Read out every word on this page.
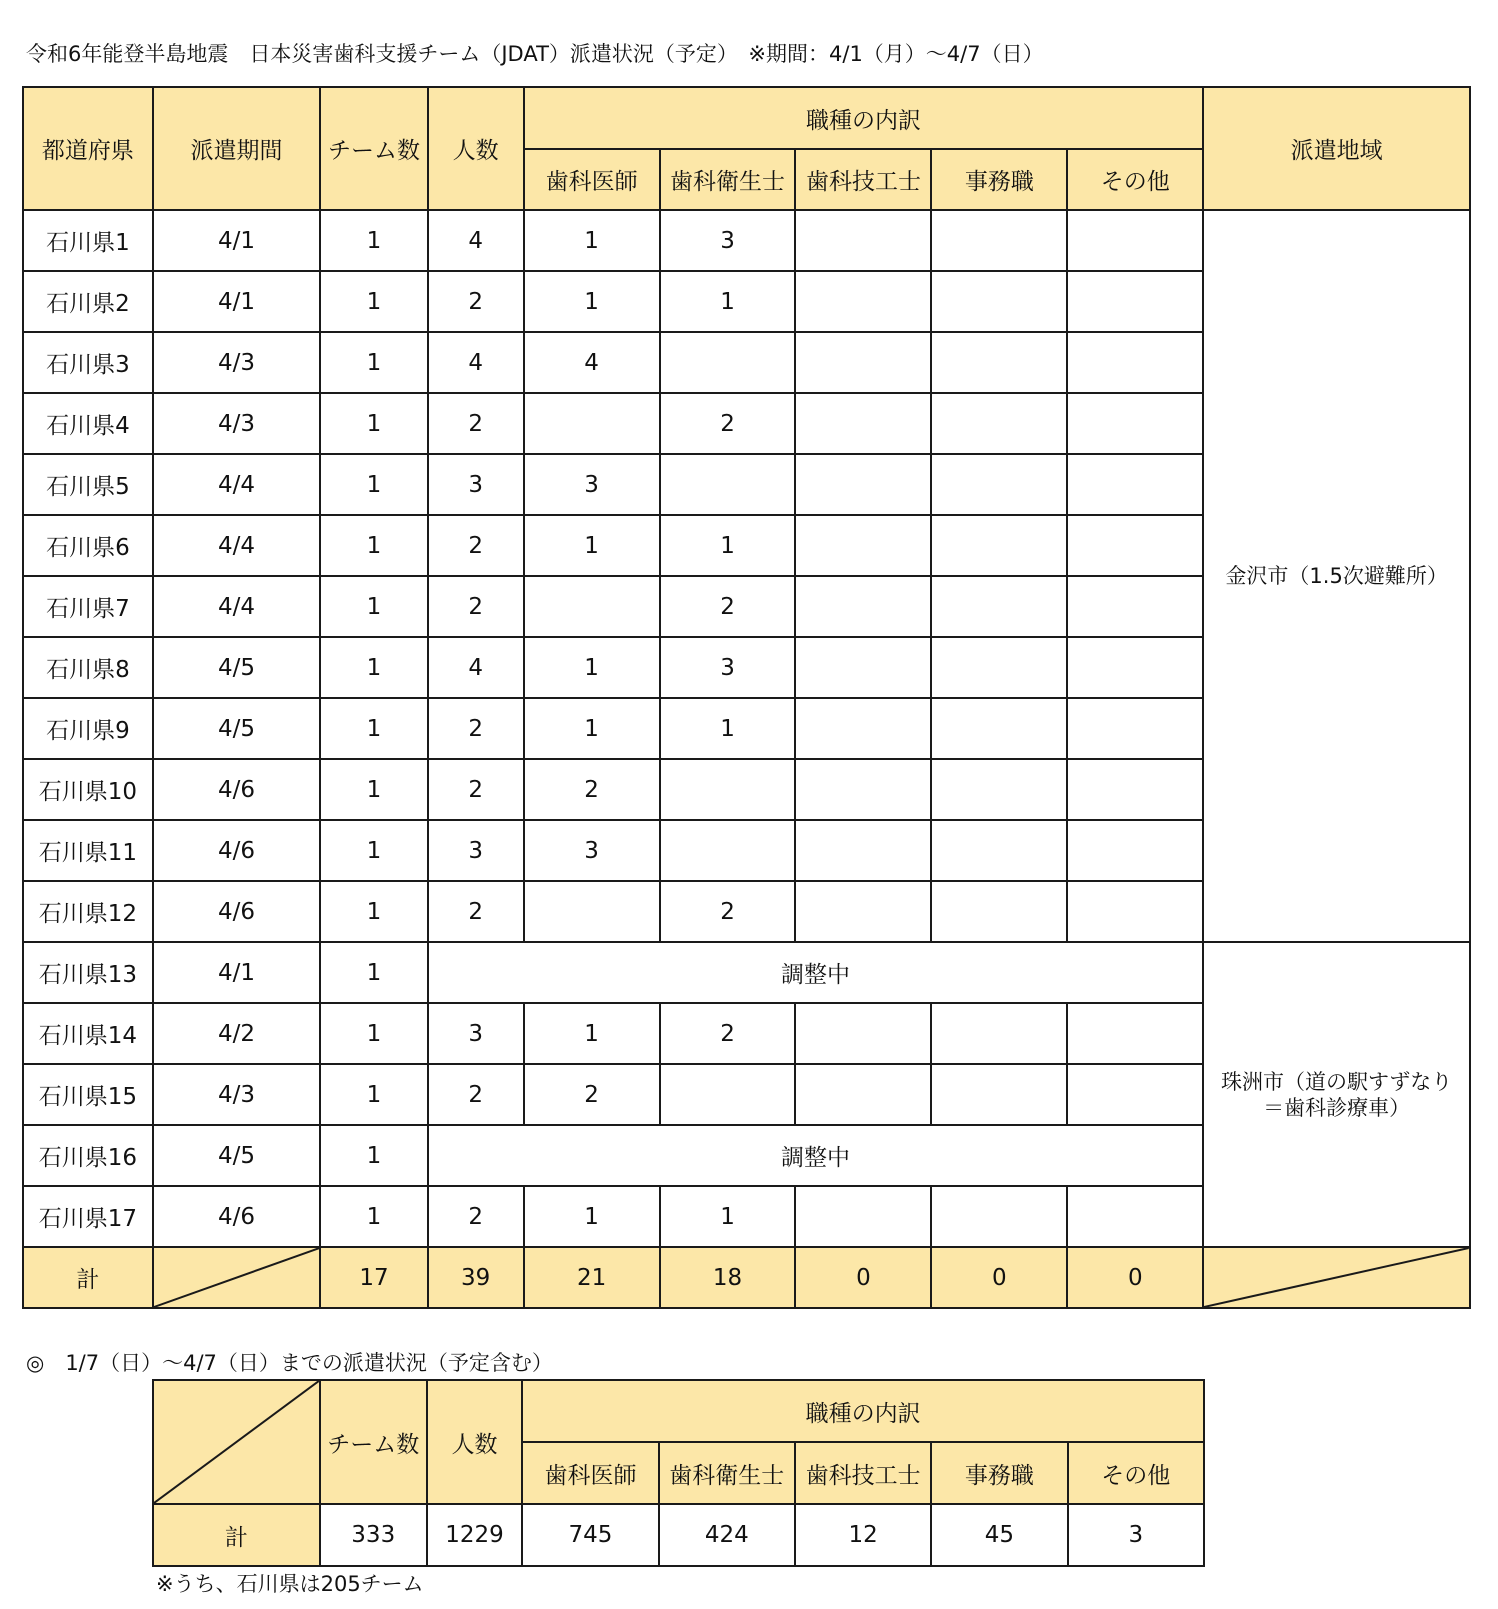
令和6年能登半島地震　日本災害歯科支援チーム（JDAT）派遣状況（予定）　※期間：4/1（月）～4/7（日）
都道府県	派遣期間	チーム数	人数	職種の内訳					派遣地域
				歯科医師	歯科衛生士	歯科技工士	事務職	その他	
石川県1	4/1	1	4	1	3				金沢市（1.5次避難所）
石川県2	4/1	1	2	1	1				
石川県3	4/3	1	4	4					
石川県4	4/3	1	2		2				
石川県5	4/4	1	3	3					
石川県6	4/4	1	2	1	1				
石川県7	4/4	1	2		2				
石川県8	4/5	1	4	1	3				
石川県9	4/5	1	2	1	1				
石川県10	4/6	1	2	2					
石川県11	4/6	1	3	3					
石川県12	4/6	1	2		2				
石川県13	4/1	1	調整中						珠洲市（道の駅すずなり＝歯科診療車）
石川県14	4/2	1	3	1	2				
石川県15	4/3	1	2	2					
石川県16	4/5	1	調整中						
石川県17	4/6	1	2	1	1				
計		17	39	21	18	0	0	0	
◎　1/7（日）～4/7（日）までの派遣状況（予定含む）
	チーム数	人数	職種の内訳				
			歯科医師	歯科衛生士	歯科技工士	事務職	その他
計	333	1229	745	424	12	45	3
※うち、石川県は205チーム
